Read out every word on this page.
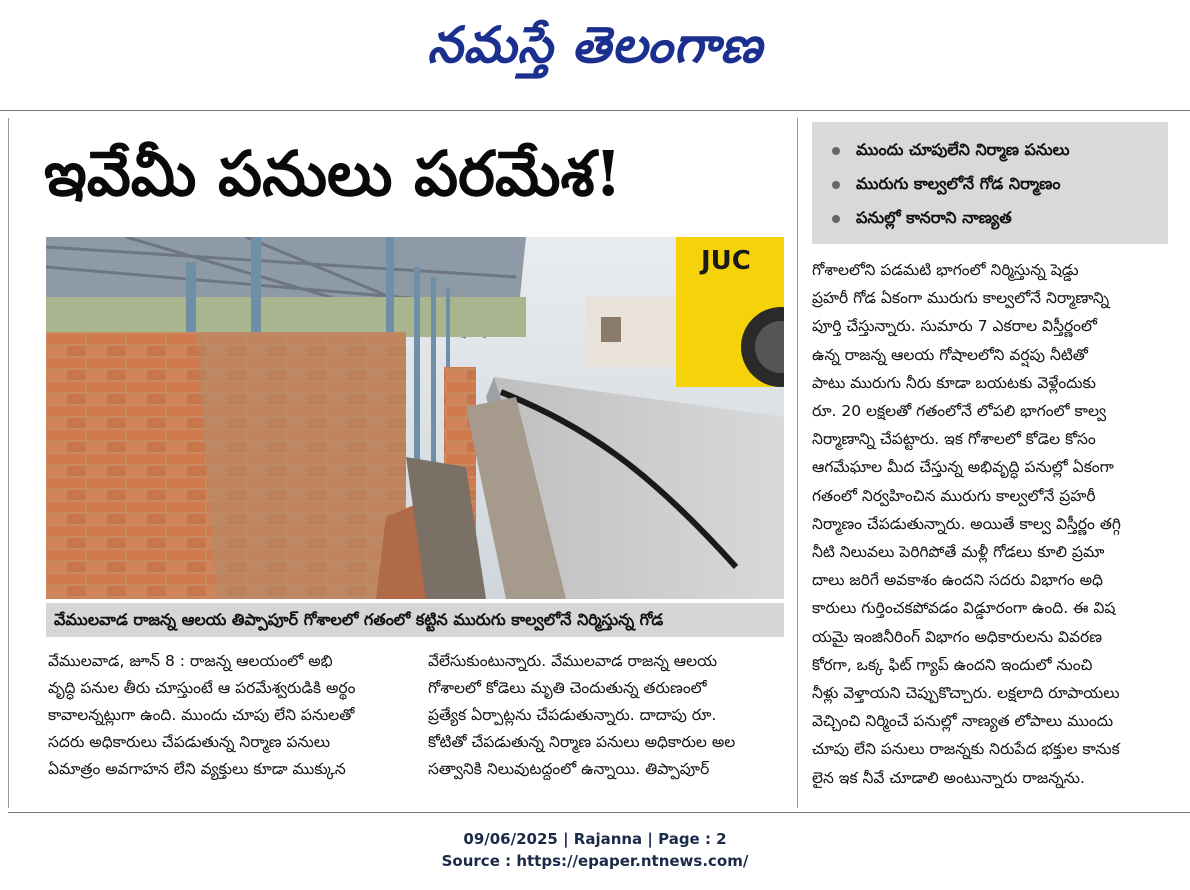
నమస్తే తెలంగాణ
ఇవేమీ పనులు పరమేశ!	ముందు చూపులేని నిర్మాణ పనులు
మురుగు కాల్వలోనే గోడ నిర్మాణం
పనుల్లో కానరాని నాణ్యత
JUC
వేములవాడ రాజన్న ఆలయ తిప్పాపూర్ గోశాలలో గతంలో కట్టిన మురుగు కాల్వలోనే నిర్మిస్తున్న గోడ
వేములవాడ, జూన్ 8 : రాజన్న ఆలయంలో అభి
వృద్ధి పనుల తీరు చూస్తుంటే ఆ పరమేశ్వరుడికి అర్థం
కావాలన్నట్లుగా ఉంది. ముందు చూపు లేని పనులతో
సదరు అధికారులు చేపడుతున్న నిర్మాణ పనులు
ఏమాత్రం అవగాహన లేని వ్యక్తులు కూడా ముక్కున
వేలేసుకుంటున్నారు. వేములవాడ రాజన్న ఆలయ
గోశాలలో కోడెలు మృతి చెందుతున్న తరుణంలో
ప్రత్యేక ఏర్పాట్లను చేపడుతున్నారు. దాదాపు రూ.
కోటితో చేపడుతున్న నిర్మాణ పనులు అధికారుల అల
సత్వానికి నిలువుటద్దంలో ఉన్నాయి. తిప్పాపూర్
గోశాలలోని పడమటి భాగంలో నిర్మిస్తున్న షెడ్డు
ప్రహరీ గోడ ఏకంగా మురుగు కాల్వలోనే నిర్మాణాన్ని
పూర్తి చేస్తున్నారు. సుమారు 7 ఎకరాల విస్తీర్ణంలో
ఉన్న రాజన్న ఆలయ గోషాలలోని వర్షపు నీటితో
పాటు మురుగు నీరు కూడా బయటకు వెళ్లేందుకు
రూ. 20 లక్షలతో గతంలోనే లోపలి భాగంలో కాల్వ
నిర్మాణాన్ని చేపట్టారు. ఇక గోశాలలో కోడెల కోసం
ఆగమేఘాల మీద చేస్తున్న అభివృద్ధి పనుల్లో ఏకంగా
గతంలో నిర్వహించిన మురుగు కాల్వలోనే ప్రహరీ
నిర్మాణం చేపడుతున్నారు. అయితే కాల్వ విస్తీర్ణం తగ్గి
నీటి నిలువలు పెరిగిపోతే మళ్లీ గోడలు కూలి ప్రమా
దాలు జరిగే అవకాశం ఉందని సదరు విభాగం అధి
కారులు గుర్తించకపోవడం విడ్డూరంగా ఉంది. ఈ విష
యమై ఇంజినీరింగ్ విభాగం అధికారులను వివరణ
కోరగా, ఒక్క ఫిట్ గ్యాప్ ఉందని ఇందులో నుంచి
నీళ్లు వెళ్తాయని చెప్పుకొచ్చారు. లక్షలాది రూపాయలు
వెచ్చించి నిర్మించే పనుల్లో నాణ్యత లోపాలు ముందు
చూపు లేని పనులు రాజన్నకు నిరుపేద భక్తుల కానుక
లైన ఇక నీవే చూడాలి అంటున్నారు రాజన్నను.
09/06/2025 | Rajanna | Page : 2
Source : https://epaper.ntnews.com/
